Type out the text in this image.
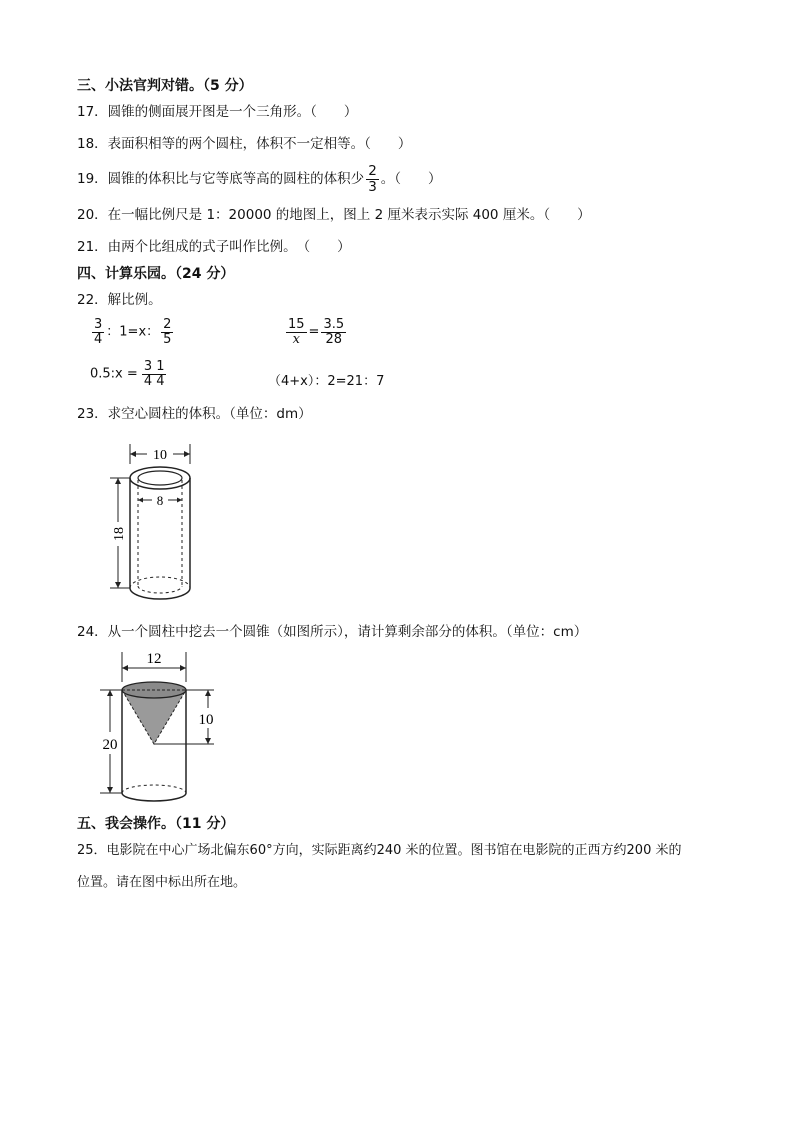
三、小法官判对错。（5 分）
17．圆锥的侧面展开图是一个三角形。（　　）
18．表面积相等的两个圆柱，体积不一定相等。（　　）
19．圆锥的体积比与它等底等高的圆柱的体积少 $\frac{2}{3}$ 。（　　）
20．在一幅比例尺是 1：20000 的地图上，图上 2 厘米表示实际 400 厘米。（　　）
21．由两个比组成的式子叫作比例。　（　　）
四、计算乐园。（24 分）
22．解比例。
$\frac{3}{4}$ ：1=x： $\frac{2}{5}$	$\frac{15}{x} = \frac{3.5}{28}$
0.5:x = $\frac{3}{4} \frac{1}{4}$	（4+x）：2=21：7
23．求空心圆柱的体积。（单位：dm）
10
8
18
24．从一个圆柱中挖去一个圆锥（如图所示），请计算剩余部分的体积。（单位：cm）
12
10
20
五、我会操作。（11 分）
25．电影院在中心广场北偏东60°方向，实际距离约240 米的位置。图书馆在电影院的正西方约200 米的
位置。请在图中标出所在地。
